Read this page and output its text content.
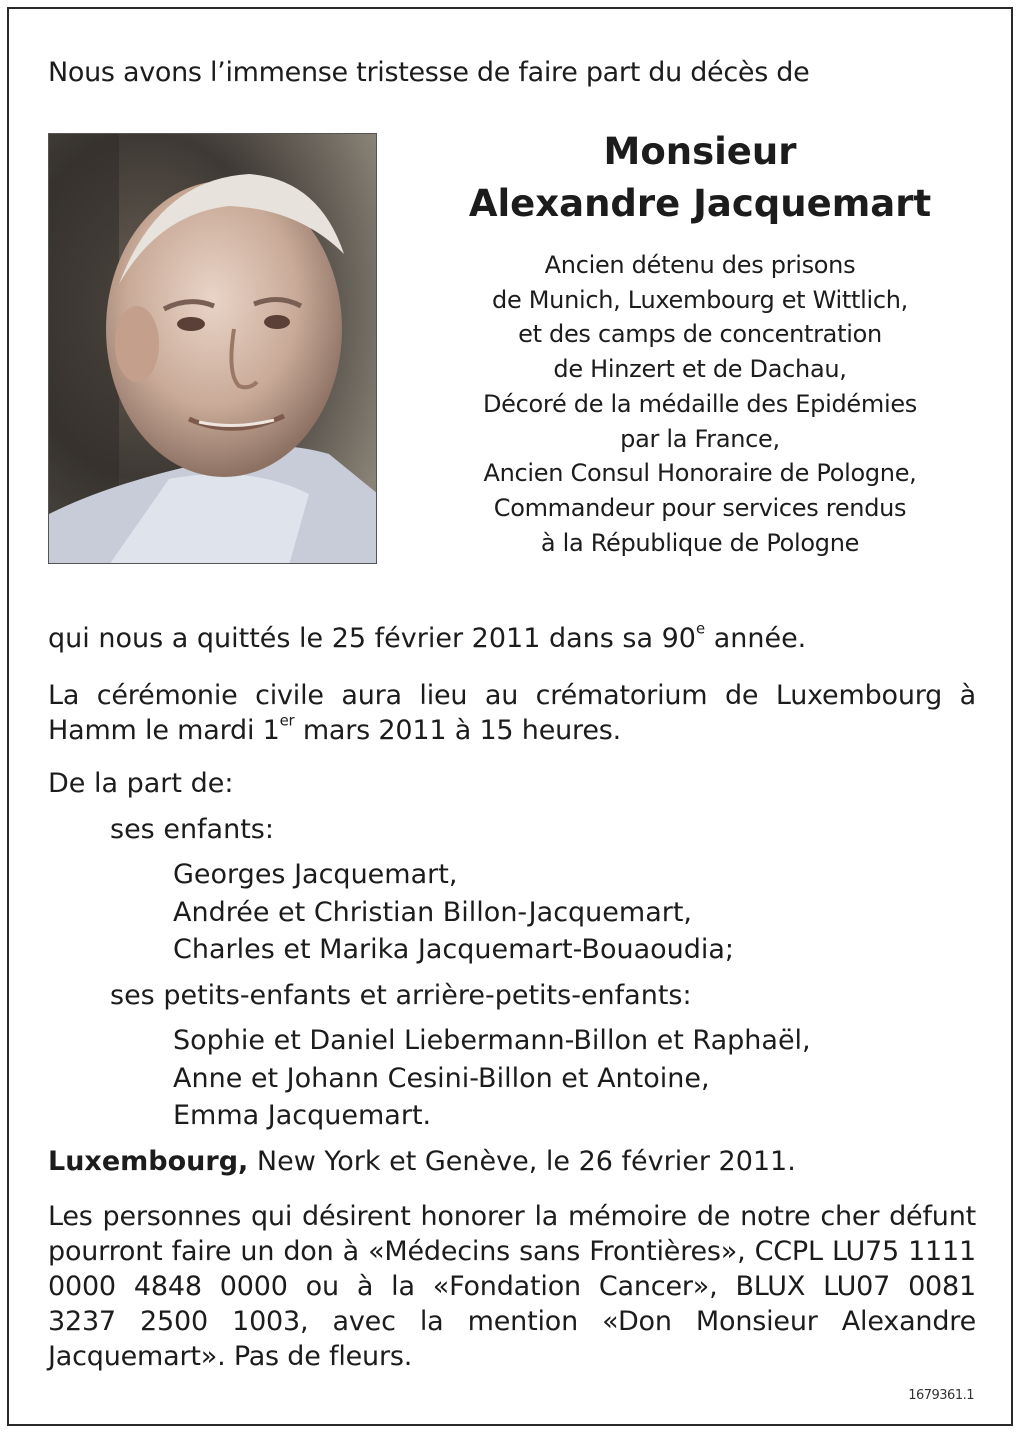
Nous avons l’immense tristesse de faire part du décès de
Monsieur
Alexandre Jacquemart
Ancien détenu des prisons
de Munich, Luxembourg et Wittlich,
et des camps de concentration
de Hinzert et de Dachau,
Décoré de la médaille des Epidémies
par la France,
Ancien Consul Honoraire de Pologne,
Commandeur pour services rendus
à la République de Pologne
qui nous a quittés le 25 février 2011 dans sa 90e année.
La cérémonie civile aura lieu au crématorium de Luxembourg à
Hamm le mardi 1er mars 2011 à 15 heures.
De la part de:
ses enfants:
Georges Jacquemart,
Andrée et Christian Billon-Jacquemart,
Charles et Marika Jacquemart-Bouaoudia;
ses petits-enfants et arrière-petits-enfants:
Sophie et Daniel Liebermann-Billon et Raphaël,
Anne et Johann Cesini-Billon et Antoine,
Emma Jacquemart.
Luxembourg, New York et Genève, le 26 février 2011.
Les personnes qui désirent honorer la mémoire de notre cher défunt
pourront faire un don à «Médecins sans Frontières», CCPL LU75 1111
0000 4848 0000 ou à la «Fondation Cancer», BLUX LU07 0081
3237 2500 1003, avec la mention «Don Monsieur Alexandre
Jacquemart». Pas de fleurs.
1679361.1
